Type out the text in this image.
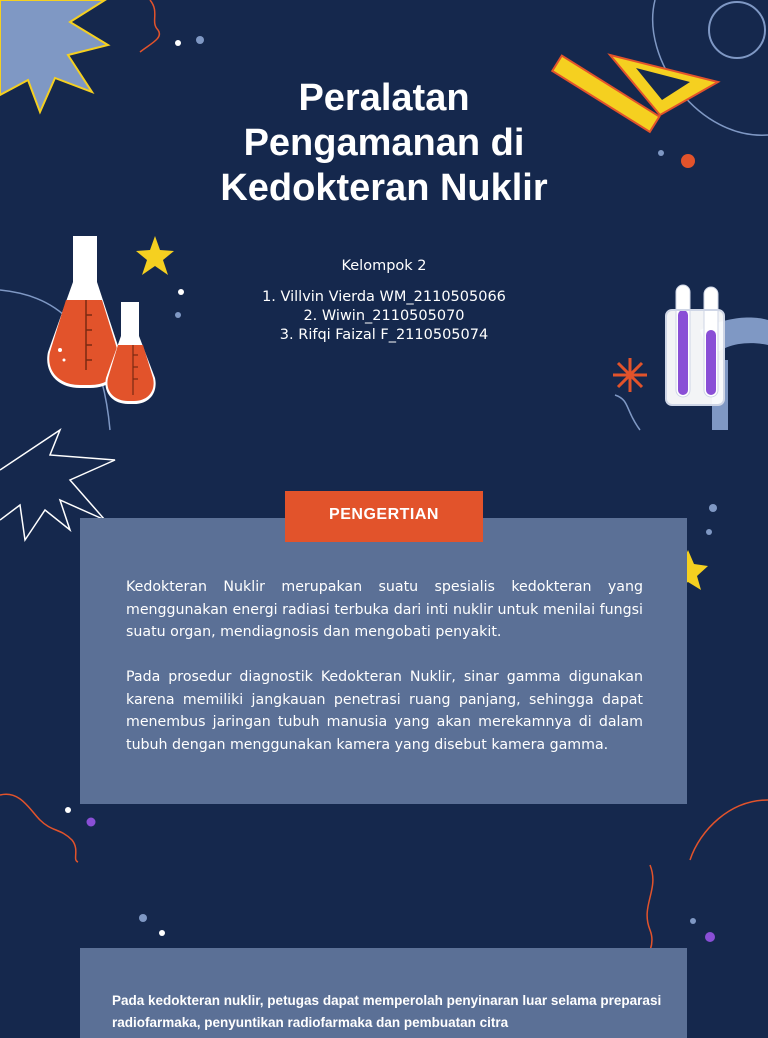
Peralatan
Pengamanan di
Kedokteran Nuklir
Kelompok 2
1. Villvin Vierda WM_2110505066
2. Wiwin_2110505070
3. Rifqi Faizal F_2110505074

Kedokteran Nuklir merupakan suatu spesialis kedokteran yang menggunakan energi radiasi terbuka dari inti nuklir untuk menilai fungsi suatu organ, mendiagnosis dan mengobati penyakit.

Pada prosedur diagnostik Kedokteran Nuklir, sinar gamma digunakan karena memiliki jangkauan penetrasi ruang panjang, sehingga dapat menembus jaringan tubuh manusia yang akan merekamnya di dalam tubuh dengan menggunakan kamera yang disebut kamera gamma.

PENGERTIAN

Pada kedokteran nuklir, petugas dapat memperolah penyinaran luar selama preparasi radiofarmaka, penyuntikan radiofarmaka dan pembuatan citra
